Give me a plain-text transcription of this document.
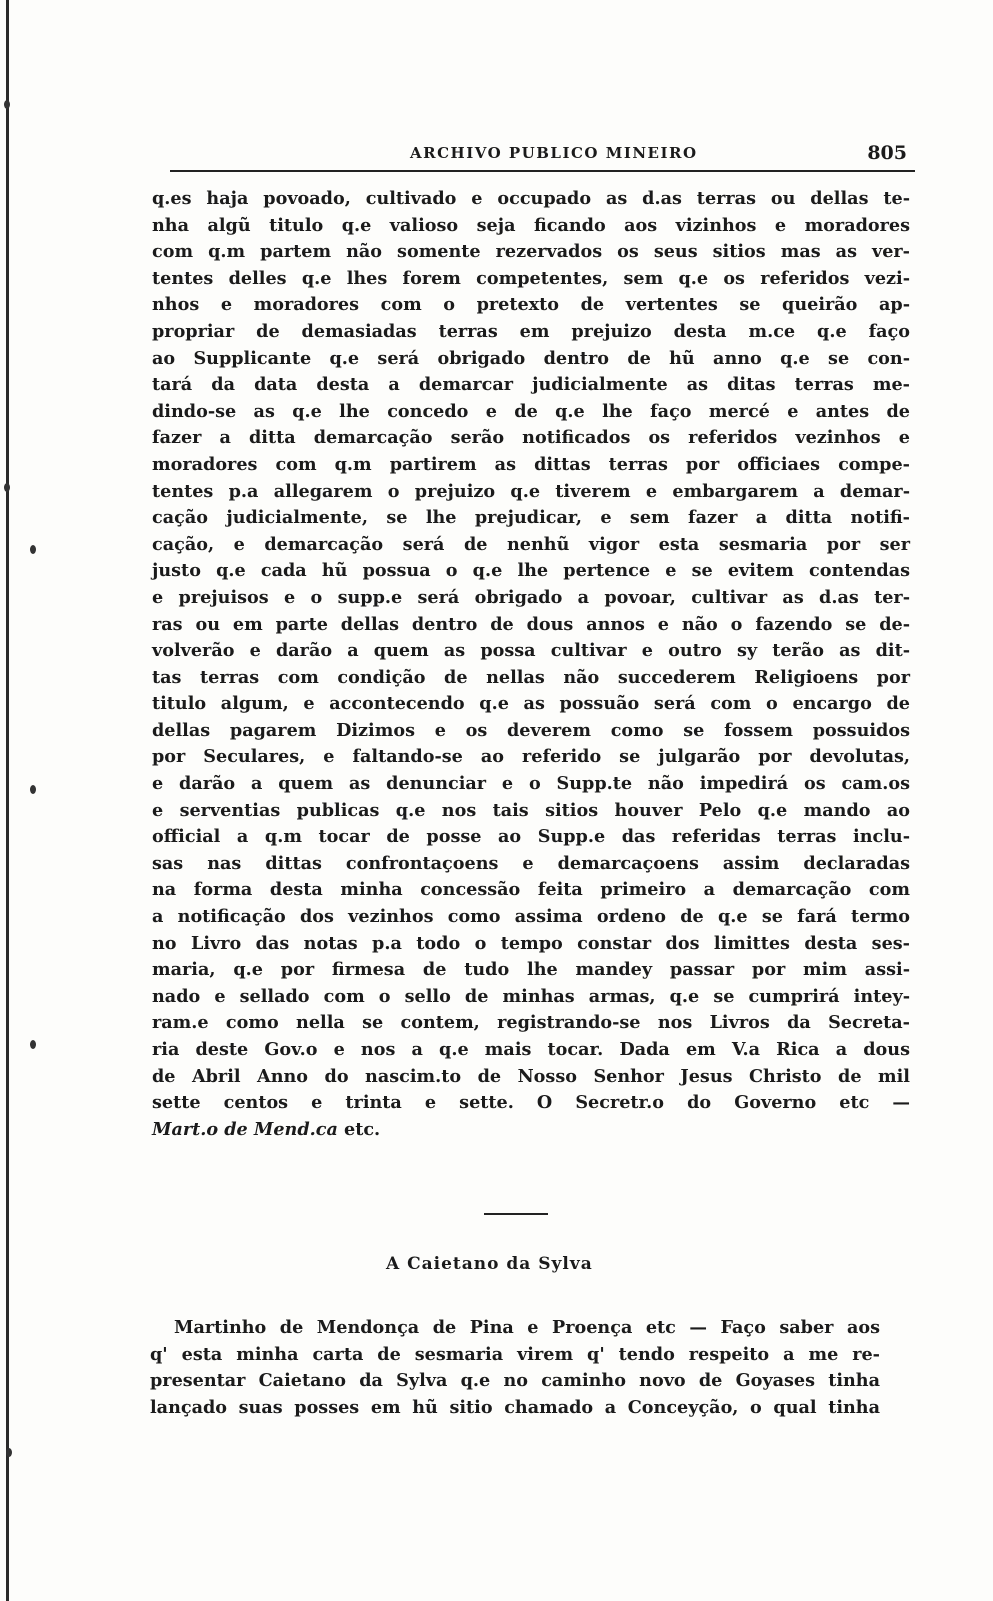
ARCHIVO PUBLICO MINEIRO	805
q.es haja povoado, cultivado e occupado as d.as terras ou dellas te-
nha algũ titulo q.e valioso seja ficando aos vizinhos e moradores
com q.m partem não somente rezervados os seus sitios mas as ver-
tentes delles q.e lhes forem competentes, sem q.e os referidos vezi-
nhos e moradores com o pretexto de vertentes se queirão ap-
propriar de demasiadas terras em prejuizo desta m.ce q.e faço
ao Supplicante q.e será obrigado dentro de hũ anno q.e se con-
tará da data desta a demarcar judicialmente as ditas terras me-
dindo-se as q.e lhe concedo e de q.e lhe faço mercé e antes de
fazer a ditta demarcação serão notificados os referidos vezinhos e
moradores com q.m partirem as dittas terras por officiaes compe-
tentes p.a allegarem o prejuizo q.e tiverem e embargarem a demar-
cação judicialmente, se lhe prejudicar, e sem fazer a ditta notifi-
cação, e demarcação será de nenhũ vigor esta sesmaria por ser
justo q.e cada hũ possua o q.e lhe pertence e se evitem contendas
e prejuisos e o supp.e será obrigado a povoar, cultivar as d.as ter-
ras ou em parte dellas dentro de dous annos e não o fazendo se de-
volverão e darão a quem as possa cultivar e outro sy terão as dit-
tas terras com condição de nellas não succederem Religioens por
titulo algum, e accontecendo q.e as possuão será com o encargo de
dellas pagarem Dizimos e os deverem como se fossem possuidos
por Seculares, e faltando-se ao referido se julgarão por devolutas,
e darão a quem as denunciar e o Supp.te não impedirá os cam.os
e serventias publicas q.e nos tais sitios houver Pelo q.e mando ao
official a q.m tocar de posse ao Supp.e das referidas terras inclu-
sas nas dittas confrontaçoens e demarcaçoens assim declaradas
na forma desta minha concessão feita primeiro a demarcação com
a notificação dos vezinhos como assima ordeno de q.e se fará termo
no Livro das notas p.a todo o tempo constar dos limittes desta ses-
maria, q.e por firmesa de tudo lhe mandey passar por mim assi-
nado e sellado com o sello de minhas armas, q.e se cumprirá intey-
ram.e como nella se contem, registrando-se nos Livros da Secreta-
ria deste Gov.o e nos a q.e mais tocar. Dada em V.a Rica a dous
de Abril Anno do nascim.to de Nosso Senhor Jesus Christo de mil
sette centos e trinta e sette. O Secretr.o do Governo etc —
Mart.o de Mend.ca etc.
A Caietano da Sylva
Martinho de Mendonça de Pina e Proença etc — Faço saber aos
q' esta minha carta de sesmaria virem q' tendo respeito a me re-
presentar Caietano da Sylva q.e no caminho novo de Goyases tinha
lançado suas posses em hũ sitio chamado a Conceyção, o qual tinha
